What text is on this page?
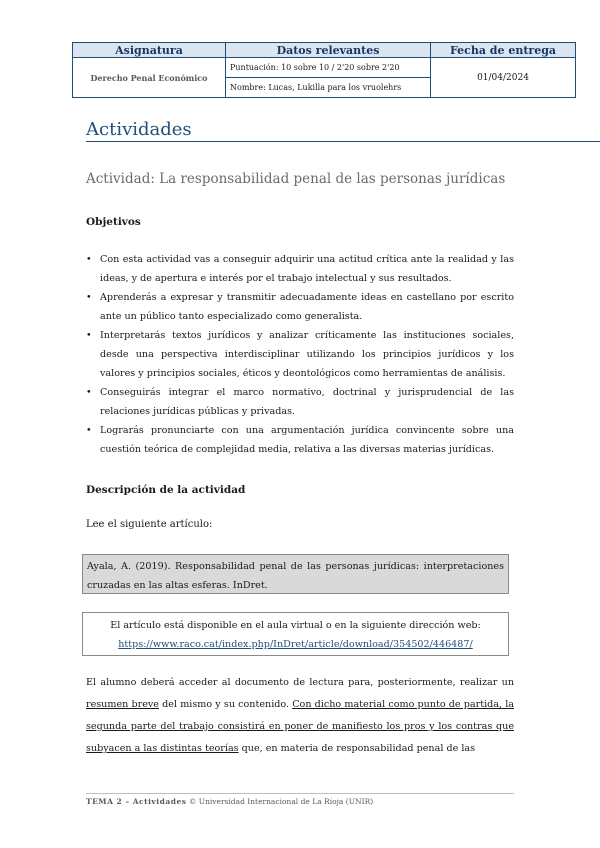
Asignatura	Datos relevantes	Fecha de entrega
Derecho Penal Económico	Puntuación: 10 sobre 10 / 2'20 sobre 2'20	01/04/2024
	Nombre: Lucas, Lukilla para los vruolehrs	
Actividades
Actividad: La responsabilidad penal de las personas jurídicas
Objetivos
• Con esta actividad vas a conseguir adquirir una actitud crítica ante la realidad y las ideas, y de apertura e interés por el trabajo intelectual y sus resultados.
• Aprenderás a expresar y transmitir adecuadamente ideas en castellano por escrito ante un público tanto especializado como generalista.
• Interpretarás textos jurídicos y analizar críticamente las instituciones sociales, desde una perspectiva interdisciplinar utilizando los principios jurídicos y los valores y principios sociales, éticos y deontológicos como herramientas de análisis.
• Conseguirás integrar el marco normativo, doctrinal y jurisprudencial de las relaciones jurídicas públicas y privadas.
• Lograrás pronunciarte con una argumentación jurídica convincente sobre una cuestión teórica de complejidad media, relativa a las diversas materias jurídicas.
Descripción de la actividad
Lee el siguiente artículo:
Ayala, A. (2019). Responsabilidad penal de las personas jurídicas: interpretaciones cruzadas en las altas esferas. InDret.
El artículo está disponible en el aula virtual o en la siguiente dirección web:
https://www.raco.cat/index.php/InDret/article/download/354502/446487/
El alumno deberá acceder al documento de lectura para, posteriormente, realizar un resumen breve del mismo y su contenido. Con dicho material como punto de partida, la segunda parte del trabajo consistirá en poner de manifiesto los pros y los contras que subyacen a las distintas teorías que, en materia de responsabilidad penal de las
TEMA 2 – Actividades © Universidad Internacional de La Rioja (UNIR)
